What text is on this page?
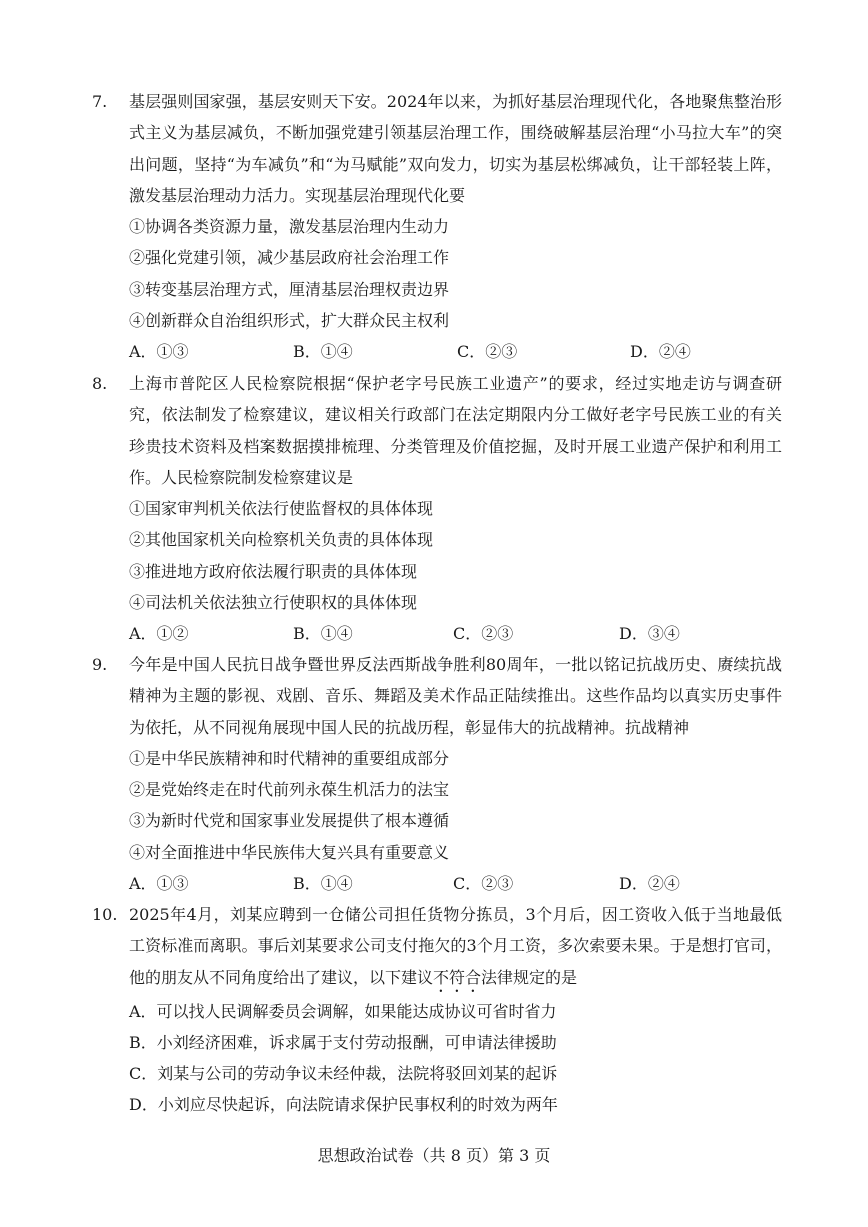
7. 基层强则国家强，基层安则天下安。2024年以来，为抓好基层治理现代化，各地聚焦整治形式主义为基层减负，不断加强党建引领基层治理工作，围绕破解基层治理“小马拉大车”的突出问题，坚持“为车减负”和“为马赋能”双向发力，切实为基层松绑减负，让干部轻装上阵，激发基层治理动力活力。实现基层治理现代化要
①协调各类资源力量，激发基层治理内生动力
②强化党建引领，减少基层政府社会治理工作
③转变基层治理方式，厘清基层治理权责边界
④创新群众自治组织形式，扩大群众民主权利
A．①③	B．①④	C．②③	D．②④
8. 上海市普陀区人民检察院根据“保护老字号民族工业遗产”的要求，经过实地走访与调查研究，依法制发了检察建议，建议相关行政部门在法定期限内分工做好老字号民族工业的有关珍贵技术资料及档案数据摸排梳理、分类管理及价值挖掘，及时开展工业遗产保护和利用工作。人民检察院制发检察建议是
①国家审判机关依法行使监督权的具体体现
②其他国家机关向检察机关负责的具体体现
③推进地方政府依法履行职责的具体体现
④司法机关依法独立行使职权的具体体现
A．①②	B．①④	C．②③	D．③④
9. 今年是中国人民抗日战争暨世界反法西斯战争胜利80周年，一批以铭记抗战历史、赓续抗战精神为主题的影视、戏剧、音乐、舞蹈及美术作品正陆续推出。这些作品均以真实历史事件为依托，从不同视角展现中国人民的抗战历程，彰显伟大的抗战精神。抗战精神
①是中华民族精神和时代精神的重要组成部分
②是党始终走在时代前列永葆生机活力的法宝
③为新时代党和国家事业发展提供了根本遵循
④对全面推进中华民族伟大复兴具有重要意义
A．①③	B．①④	C．②③	D．②④
10. 2025年4月，刘某应聘到一仓储公司担任货物分拣员，3个月后，因工资收入低于当地最低工资标准而离职。事后刘某要求公司支付拖欠的3个月工资，多次索要未果。于是想打官司，他的朋友从不同角度给出了建议，以下建议不符合法律规定的是
A．可以找人民调解委员会调解，如果能达成协议可省时省力
B．小刘经济困难，诉求属于支付劳动报酬，可申请法律援助
C．刘某与公司的劳动争议未经仲裁，法院将驳回刘某的起诉
D．小刘应尽快起诉，向法院请求保护民事权利的时效为两年
思想政治试卷（共 8 页）第 3 页
